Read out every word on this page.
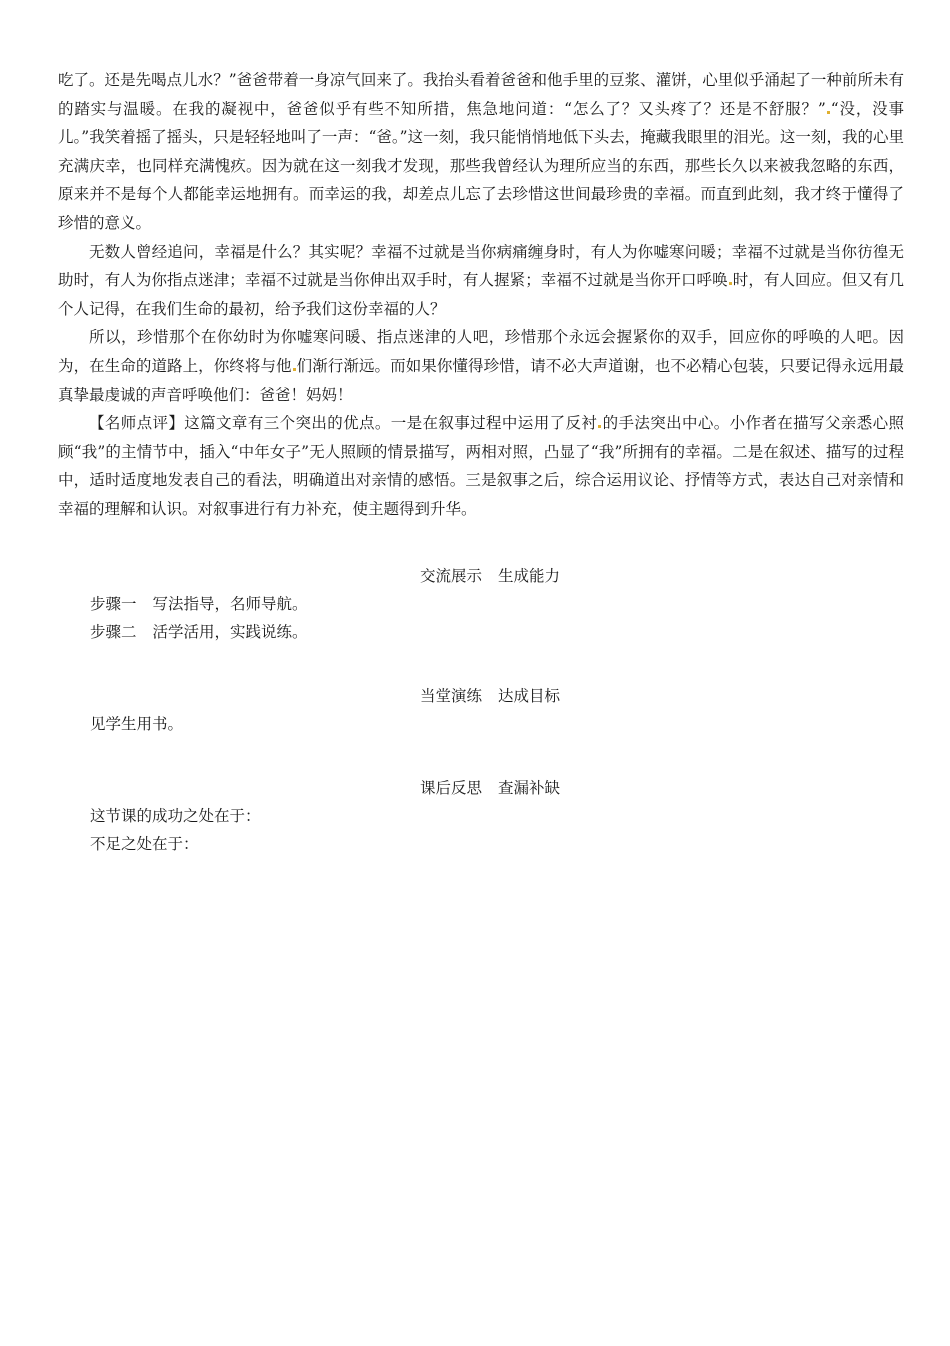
吃了。还是先喝点儿水？”爸爸带着一身凉气回来了。我抬头看着爸爸和他手里的豆浆、灌饼，心里似乎涌起了一种前所未有的踏实与温暖。在我的凝视中，爸爸似乎有些不知所措，焦急地问道：“怎么了？又头疼了？还是不舒服？” “没，没事儿。”我笑着摇了摇头，只是轻轻地叫了一声：“爸。”这一刻，我只能悄悄地低下头去，掩藏我眼里的泪光。这一刻，我的心里充满庆幸，也同样充满愧疚。因为就在这一刻我才发现，那些我曾经认为理所应当的东西，那些长久以来被我忽略的东西，原来并不是每个人都能幸运地拥有。而幸运的我，却差点儿忘了去珍惜这世间最珍贵的幸福。而直到此刻，我才终于懂得了珍惜的意义。

无数人曾经追问，幸福是什么？其实呢？幸福不过就是当你病痛缠身时，有人为你嘘寒问暖；幸福不过就是当你彷徨无助时，有人为你指点迷津；幸福不过就是当你伸出双手时，有人握紧；幸福不过就是当你开口呼唤 时，有人回应。但又有几个人记得，在我们生命的最初，给予我们这份幸福的人？

所以，珍惜那个在你幼时为你嘘寒问暖、指点迷津的人吧，珍惜那个永远会握紧你的双手，回应你的呼唤的人吧。因为，在生命的道路上，你终将与他 们渐行渐远。而如果你懂得珍惜，请不必大声道谢，也不必精心包装，只要记得永远用最真挚最虔诚的声音呼唤他们：爸爸！妈妈！

【名师点评】这篇文章有三个突出的优点。一是在叙事过程中运用了反衬 的手法突出中心。小作者在描写父亲悉心照顾“我”的主情节中，插入“中年女子”无人照顾的情景描写，两相对照，凸显了“我”所拥有的幸福。二是在叙述、描写的过程中，适时适度地发表自己的看法，明确道出对亲情的感悟。三是叙事之后，综合运用议论、抒情等方式，表达自己对亲情和幸福的理解和认识。对叙事进行有力补充，使主题得到升华。

交流展示 生成能力

步骤一 写法指导，名师导航。

步骤二 活学活用，实践说练。

当堂演练 达成目标

见学生用书。

课后反思 查漏补缺

这节课的成功之处在于：

不足之处在于：
